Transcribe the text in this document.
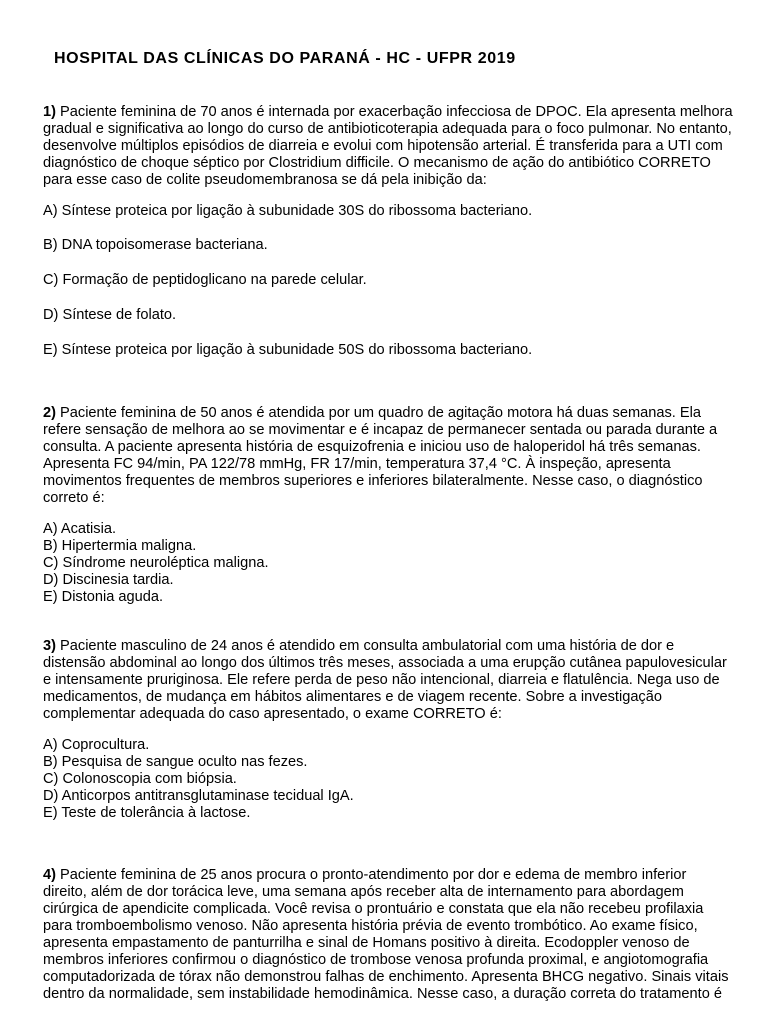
HOSPITAL DAS CLÍNICAS DO PARANÁ - HC - UFPR 2019

1) Paciente feminina de 70 anos é internada por exacerbação infecciosa de DPOC. Ela apresenta melhora gradual e significativa ao longo do curso de antibioticoterapia adequada para o foco pulmonar. No entanto, desenvolve múltiplos episódios de diarreia e evolui com hipotensão arterial. É transferida para a UTI com diagnóstico de choque séptico por Clostridium difficile. O mecanismo de ação do antibiótico CORRETO para esse caso de colite pseudomembranosa se dá pela inibição da:

A) Síntese proteica por ligação à subunidade 30S do ribossoma bacteriano.

B) DNA topoisomerase bacteriana.

C) Formação de peptidoglicano na parede celular.

D) Síntese de folato.

E) Síntese proteica por ligação à subunidade 50S do ribossoma bacteriano.

2) Paciente feminina de 50 anos é atendida por um quadro de agitação motora há duas semanas. Ela refere sensação de melhora ao se movimentar e é incapaz de permanecer sentada ou parada durante a consulta. A paciente apresenta história de esquizofrenia e iniciou uso de haloperidol há três semanas. Apresenta FC 94/min, PA 122/78 mmHg, FR 17/min, temperatura 37,4 °C. À inspeção, apresenta movimentos frequentes de membros superiores e inferiores bilateralmente. Nesse caso, o diagnóstico correto é:

A) Acatisia.

B) Hipertermia maligna.

C) Síndrome neuroléptica maligna.

D) Discinesia tardia.

E) Distonia aguda.

3) Paciente masculino de 24 anos é atendido em consulta ambulatorial com uma história de dor e distensão abdominal ao longo dos últimos três meses, associada a uma erupção cutânea papulovesicular e intensamente pruriginosa. Ele refere perda de peso não intencional, diarreia e flatulência. Nega uso de medicamentos, de mudança em hábitos alimentares e de viagem recente. Sobre a investigação complementar adequada do caso apresentado, o exame CORRETO é:

A) Coprocultura.

B) Pesquisa de sangue oculto nas fezes.

C) Colonoscopia com biópsia.

D) Anticorpos antitransglutaminase tecidual IgA.

E) Teste de tolerância à lactose.

4) Paciente feminina de 25 anos procura o pronto-atendimento por dor e edema de membro inferior direito, além de dor torácica leve, uma semana após receber alta de internamento para abordagem cirúrgica de apendicite complicada. Você revisa o prontuário e constata que ela não recebeu profilaxia para tromboembolismo venoso. Não apresenta história prévia de evento trombótico. Ao exame físico, apresenta empastamento de panturrilha e sinal de Homans positivo à direita. Ecodoppler venoso de membros inferiores confirmou o diagnóstico de trombose venosa profunda proximal, e angiotomografia computadorizada de tórax não demonstrou falhas de enchimento. Apresenta BHCG negativo. Sinais vitais dentro da normalidade, sem instabilidade hemodinâmica. Nesse caso, a duração correta do tratamento é
